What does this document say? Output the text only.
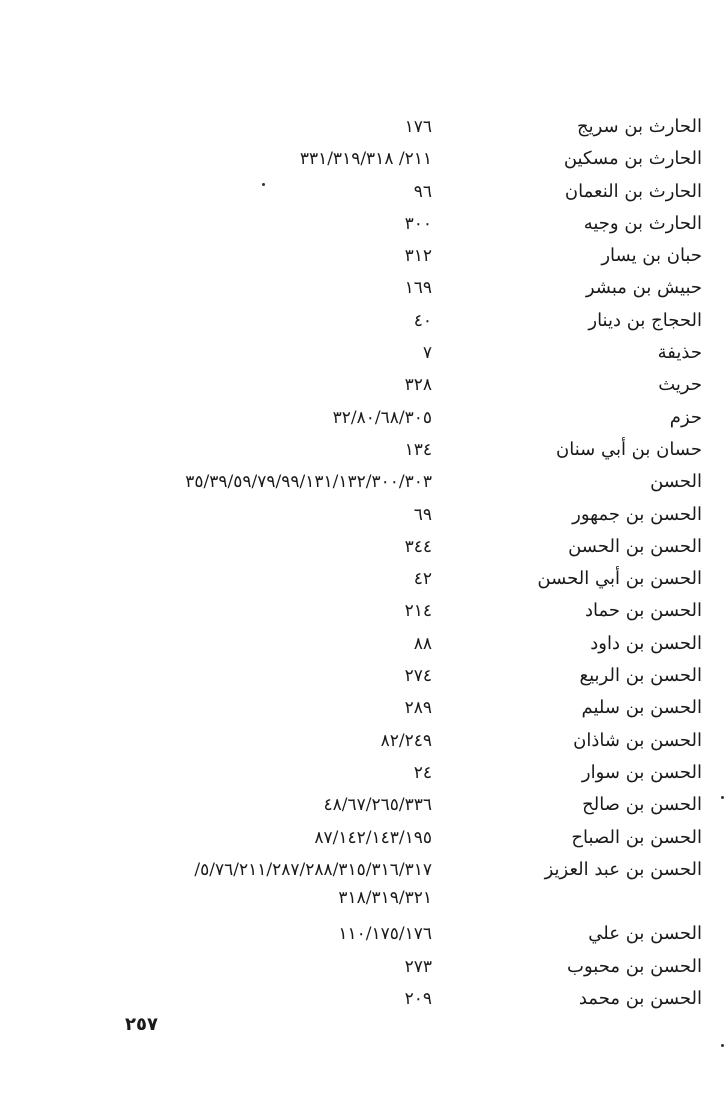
الحارث بن سريج
١٧٦
الحارث بن مسكين
٢١١/ ٣٣١/٣١٩/٣١٨
الحارث بن النعمان
٩٦
الحارث بن وجيه
٣٠٠
حبان بن يسار
٣١٢
حبيش بن مبشر
١٦٩
الحجاج بن دينار
٤٠
حذيفة
٧
حريث
٣٢٨
حزم
٣٢/٨٠/٦٨/٣٠٥
حسان بن أبي سنان
١٣٤
الحسن
٣٥/٣٩/٥٩/٧٩/٩٩/١٣١/١٣٢/٣٠٠/٣٠٣
الحسن بن جمهور
٦٩
الحسن بن الحسن
٣٤٤
الحسن بن أبي الحسن
٤٢
الحسن بن حماد
٢١٤
الحسن بن داود
٨٨
الحسن بن الربيع
٢٧٤
الحسن بن سليم
٢٨٩
الحسن بن شاذان
٨٢/٢٤٩
الحسن بن سوار
٢٤
الحسن بن صالح
٤٨/٦٧/٢٦٥/٣٣٦
الحسن بن الصباح
٨٧/١٤٢/١٤٣/١٩٥
الحسن بن عبد العزيز
٥/٧٦/٢١١/٢٨٧/٢٨٨/٣١٥/٣١٦/٣١٧/ ٣١٨/٣١٩/٣٢١
الحسن بن علي
١١٠/١٧٥/١٧٦
الحسن بن محبوب
٢٧٣
الحسن بن محمد
٢٠٩
٢٥٧
